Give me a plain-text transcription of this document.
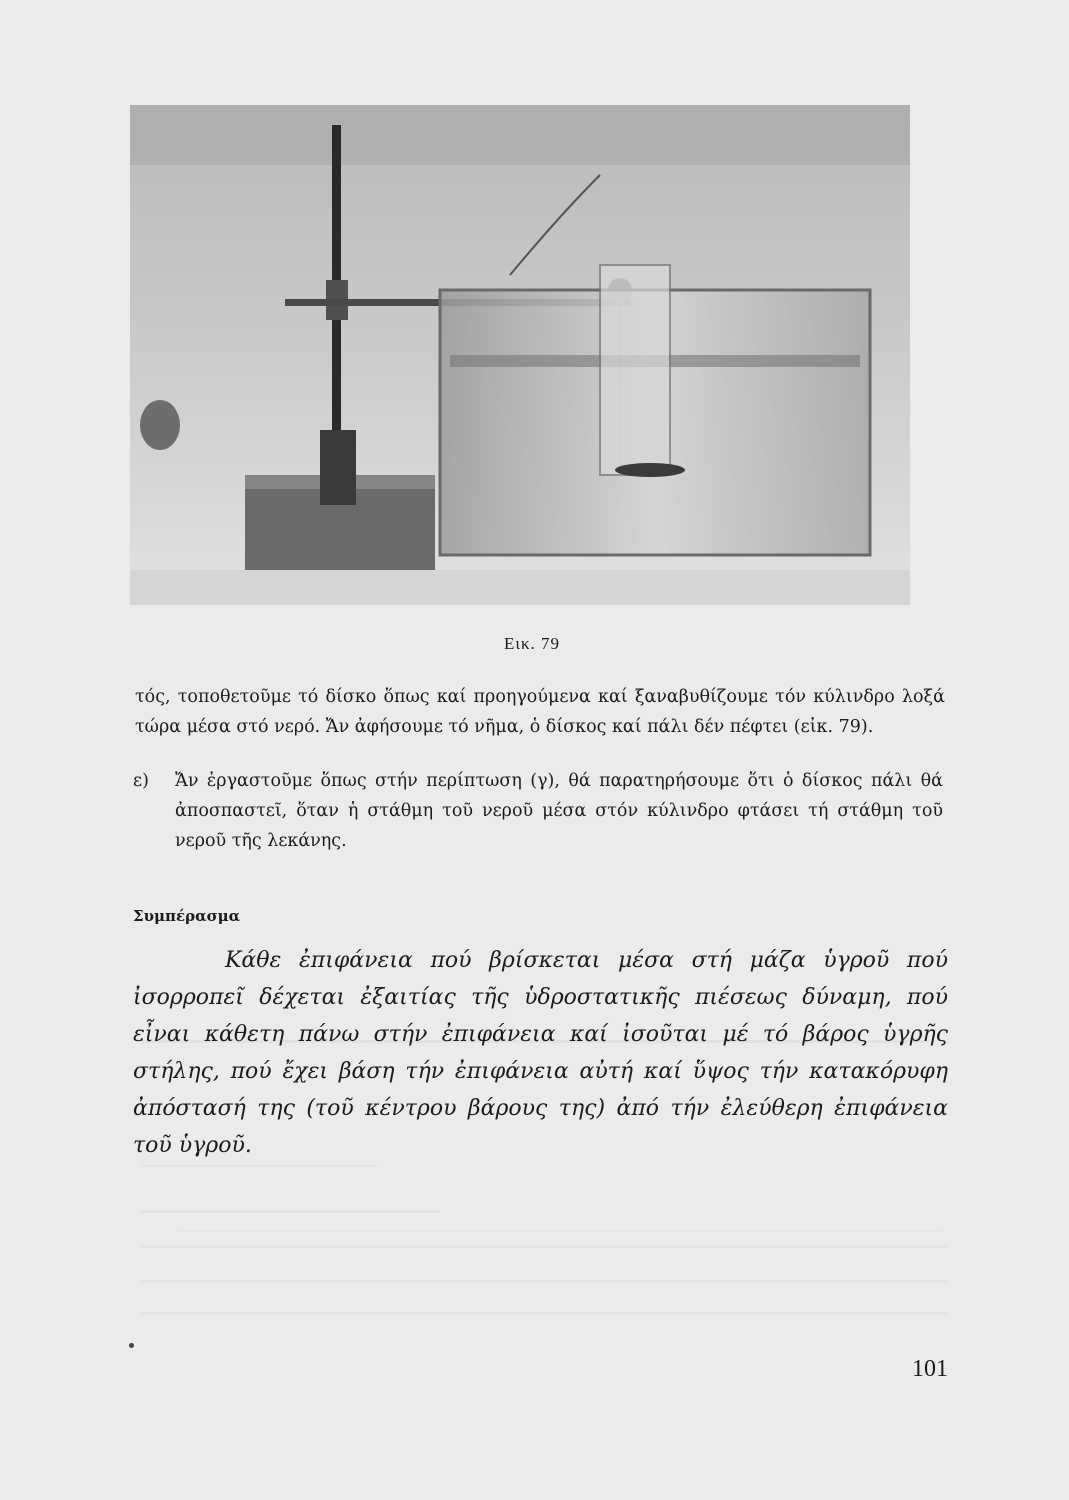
Εικ. 79
τός, τοποθετοῦμε τό δίσκο ὅπως καί προηγούμενα καί ξαναβυθίζουμε τόν κύλινδρο λοξά τώρα μέσα στό νερό. Ἄν ἀφήσουμε τό νῆμα, ὁ δίσκος καί πάλι δέν πέφτει (εἰκ. 79).
ε) Ἄν ἐργαστοῦμε ὅπως στήν περίπτωση (γ), θά παρατηρήσουμε ὅτι ὁ δίσκος πάλι θά ἀποσπαστεῖ, ὅταν ἡ στάθμη τοῦ νεροῦ μέσα στόν κύλινδρο φτάσει τή στάθμη τοῦ νεροῦ τῆς λεκάνης.
Συμπέρασμα
Κάθε ἐπιφάνεια πού βρίσκεται μέσα στή μάζα ὑγροῦ πού ἰσορροπεῖ δέχεται ἐξαιτίας τῆς ὑδροστατικῆς πιέσεως δύναμη, πού εἶναι κάθετη πάνω στήν ἐπιφάνεια καί ἰσοῦται μέ τό βάρος ὑγρῆς στήλης, πού ἔχει βάση τήν ἐπιφάνεια αὐτή καί ὕψος τήν κατακόρυφη ἀπόστασή της (τοῦ κέντρου βάρους της) ἀπό τήν ἐλεύθερη ἐπιφάνεια τοῦ ὑγροῦ.
101
